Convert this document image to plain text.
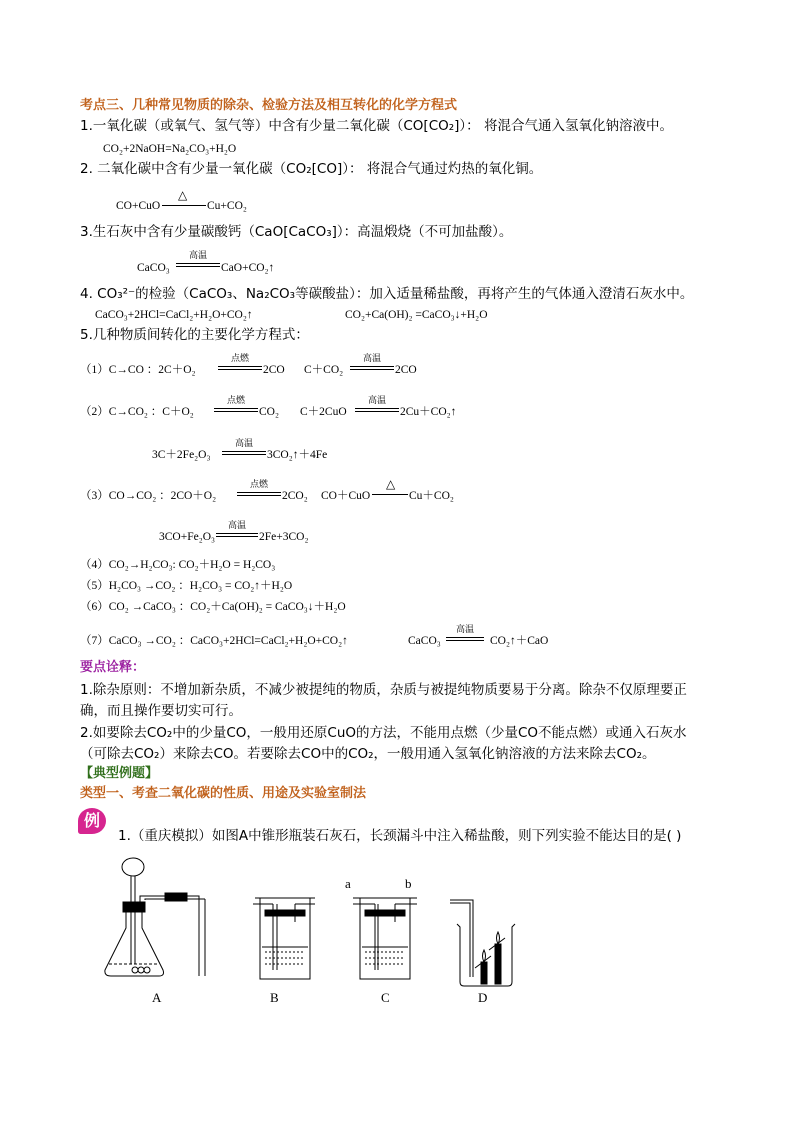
考点三、几种常见物质的除杂、检验方法及相互转化的化学方程式
1.一氧化碳（或氧气、氢气等）中含有少量二氧化碳（CO[CO₂]）： 将混合气通入氢氧化钠溶液中。
CO₂+2NaOH=Na₂CO₃+H₂O
2. 二氧化碳中含有少量一氧化碳（CO₂[CO]）： 将混合气通过灼热的氧化铜。
CO+CuO
△
Cu+CO₂
3.生石灰中含有少量碳酸钙（CaO[CaCO₃]）：高温煅烧（不可加盐酸）。
CaCO₃
高温
CaO+CO₂↑
4. CO₃²⁻的检验（CaCO₃、Na₂CO₃等碳酸盐）：加入适量稀盐酸，再将产生的气体通入澄清石灰水中。
CaCO₃+2HCl=CaCl₂+H₂O+CO₂↑	CO₂+Ca(OH)₂ =CaCO₃↓+H₂O
5.几种物质间转化的主要化学方程式：
（1）C→CO ：2C＋O₂
点燃
2CO C＋CO₂
高温
2CO
（2）C→CO₂ ：C＋O₂
点燃
CO₂ C＋2CuO
高温
2Cu＋CO₂↑
3C＋2Fe₂O₃
高温
3CO₂↑＋4Fe
（3）CO→CO₂ ：2CO＋O₂
点燃
2CO₂ CO＋CuO
△
Cu＋CO₂
3CO+Fe₂O₃
高温
2Fe+3CO₂
（4）CO₂→H₂CO₃: CO₂＋H₂O = H₂CO₃
（5）H₂CO₃ →CO₂ ：H₂CO₃ = CO₂↑＋H₂O
（6）CO₂ →CaCO₃ ：CO₂＋Ca(OH)₂ = CaCO₃↓＋H₂O
（7）CaCO₃ →CO₂ ：CaCO₃+2HCl=CaCl₂+H₂O+CO₂↑	CaCO₃
高温
CO₂↑＋CaO
要点诠释：
1.除杂原则：不增加新杂质，不减少被提纯的物质，杂质与被提纯物质要易于分离。除杂不仅原理要正
确，而且操作要切实可行。
2.如要除去CO₂中的少量CO，一般用还原CuO的方法，不能用点燃（少量CO不能点燃）或通入石灰水
（可除去CO₂）来除去CO。若要除去CO中的CO₂，一般用通入氢氧化钠溶液的方法来除去CO₂。
【典型例题】
类型一、考查二氧化碳的性质、用途及实验室制法
例
1.（重庆模拟）如图A中锥形瓶装石灰石，长颈漏斗中注入稀盐酸，则下列实验不能达目的是( )
A	B	C	D
a	b
